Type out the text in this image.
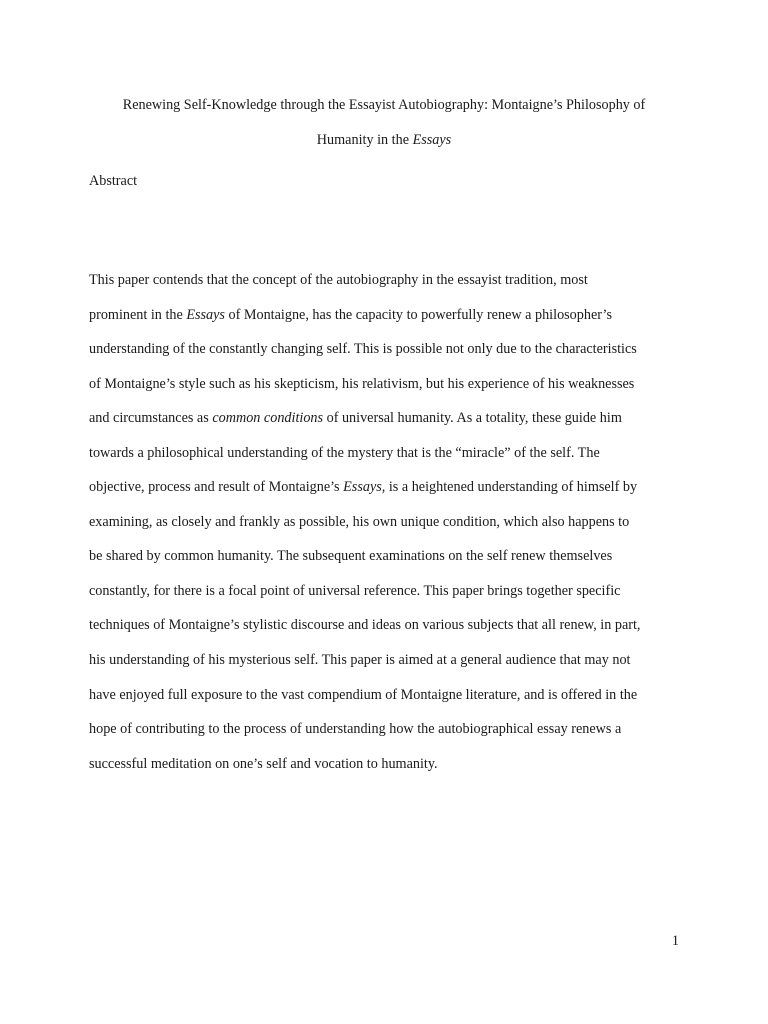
Renewing Self-Knowledge through the Essayist Autobiography: Montaigne’s Philosophy of
Humanity in the Essays
Abstract
This paper contends that the concept of the autobiography in the essayist tradition, most
prominent in the Essays of Montaigne, has the capacity to powerfully renew a philosopher’s
understanding of the constantly changing self. This is possible not only due to the characteristics
of Montaigne’s style such as his skepticism, his relativism, but his experience of his weaknesses
and circumstances as common conditions of universal humanity. As a totality, these guide him
towards a philosophical understanding of the mystery that is the “miracle” of the self. The
objective, process and result of Montaigne’s Essays, is a heightened understanding of himself by
examining, as closely and frankly as possible, his own unique condition, which also happens to
be shared by common humanity. The subsequent examinations on the self renew themselves
constantly, for there is a focal point of universal reference. This paper brings together specific
techniques of Montaigne’s stylistic discourse and ideas on various subjects that all renew, in part,
his understanding of his mysterious self. This paper is aimed at a general audience that may not
have enjoyed full exposure to the vast compendium of Montaigne literature, and is offered in the
hope of contributing to the process of understanding how the autobiographical essay renews a
successful meditation on one’s self and vocation to humanity.
1
